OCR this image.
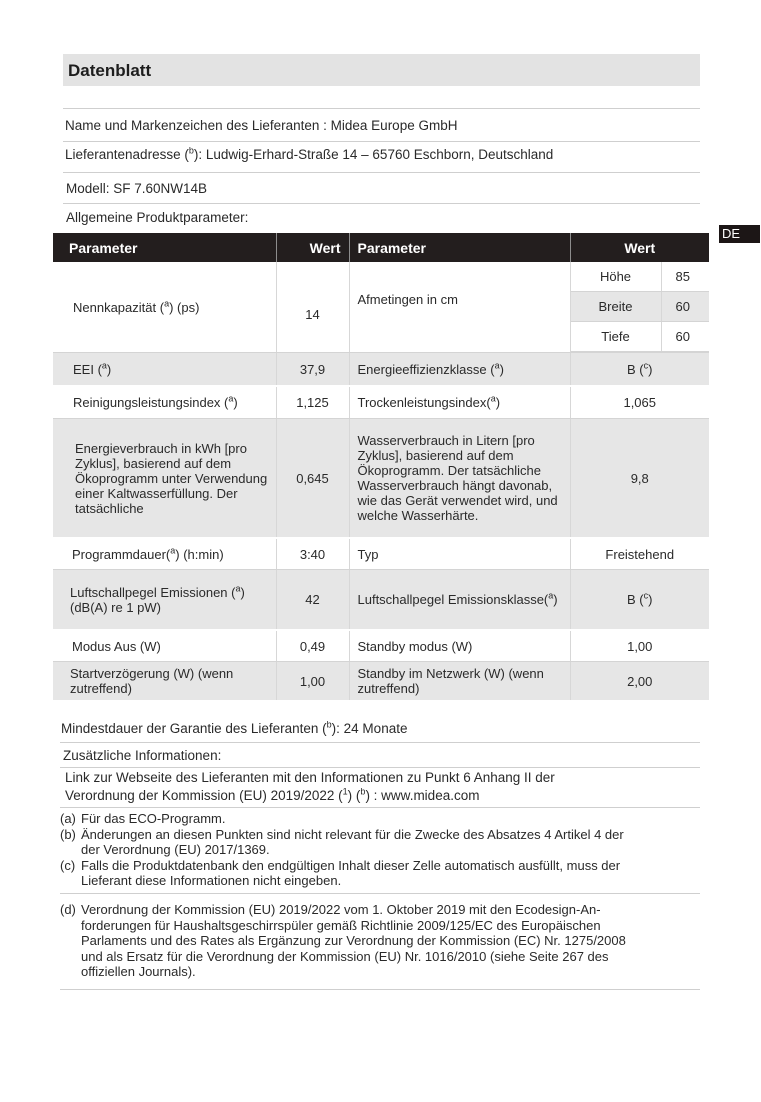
Datenblatt
Name und Markenzeichen des Lieferanten : Midea Europe GmbH
Lieferantenadresse ($^b$): Ludwig-Erhard-Straße 14 – 65760 Eschborn, Deutschland
Modell: SF 7.60NW14B
Allgemeine Produktparameter:
DE
Parameter	Wert	Parameter	Wert
Nennkapazität ($^a$) (ps)	14	Afmetingen in cm	
Höhe	85
Breite	60
Tiefe	60

EEI ($^a$)	37,9	Energieeffizienzklasse ($^a$)	B ($^c$)
Reinigungsleistungsindex ($^a$)	1,125	Trockenleistungsindex($^a$)	1,065
Energieverbrauch in kWh [pro Zyklus], basierend auf dem Ökoprogramm unter Verwendung einer Kaltwasserfüllung. Der tatsächliche	0,645	Wasserverbrauch in Litern [pro Zyklus], basierend auf dem Ökoprogramm. Der tatsächliche Wasserverbrauch hängt davonab, wie das Gerät verwendet wird, und welche Wasserhärte.	9,8
Programmdauer($^a$) (h:min)	3:40	Typ	Freistehend
Luftschallpegel Emissionen ($^a$) (dB(A) re 1 pW)	42	Luftschallpegel Emissionsklasse($^a$)	B ($^c$)
Modus Aus (W)	0,49	Standby modus (W)	1,00
Startverzögerung (W) (wenn zutreffend)	1,00	Standby im Netzwerk (W) (wenn zutreffend)	2,00
Mindestdauer der Garantie des Lieferanten ($^b$): 24 Monate
Zusätzliche Informationen:
Link zur Webseite des Lieferanten mit den Informationen zu Punkt 6 Anhang II der
Verordnung der Kommission (EU) 2019/2022 ($^1$) ($^b$) : www.midea.com
(a) Für das ECO-Programm.
(b) Änderungen an diesen Punkten sind nicht relevant für die Zwecke des Absatzes 4 Artikel 4 der
der Verordnung (EU) 2017/1369.
(c) Falls die Produktdatenbank den endgültigen Inhalt dieser Zelle automatisch ausfüllt, muss der
Lieferant diese Informationen nicht eingeben.
(d) Verordnung der Kommission (EU) 2019/2022 vom 1. Oktober 2019 mit den Ecodesign-An-
forderungen für Haushaltsgeschirrspüler gemäß Richtlinie 2009/125/EC des Europäischen
Parlaments und des Rates als Ergänzung zur Verordnung der Kommission (EC) Nr. 1275/2008
und als Ersatz für die Verordnung der Kommission (EU) Nr. 1016/2010 (siehe Seite 267 des
offiziellen Journals).
